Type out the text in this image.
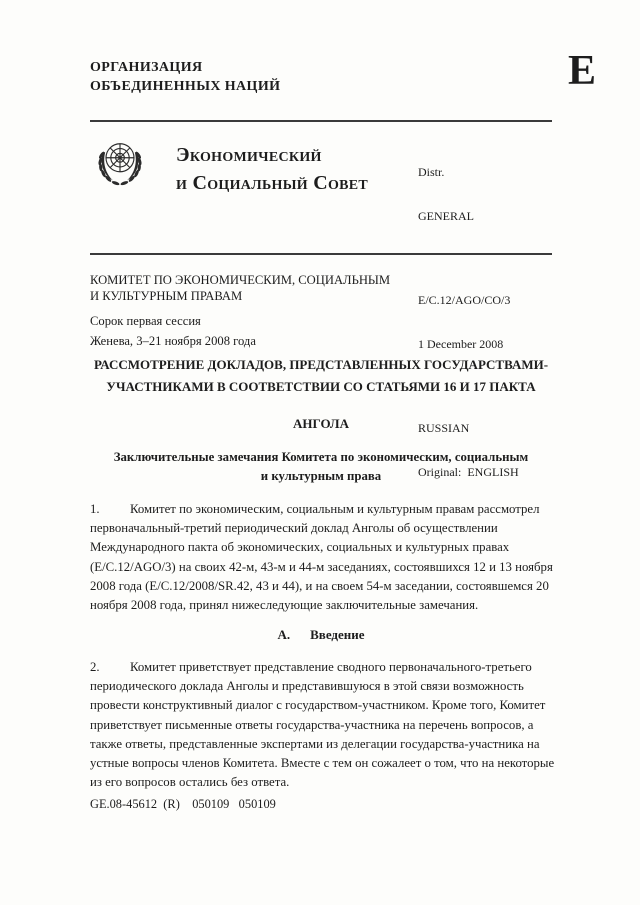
ОРГАНИЗАЦИЯ
ОБЪЕДИНЕННЫХ НАЦИЙ	E
Экономический
и Социальный Совет

	Distr.

GENERAL

E/C.12/AGO/CO/3

1 December 2008

RUSSIAN

Original:  ENGLISH

КОМИТЕТ ПО ЭКОНОМИЧЕСКИМ, СОЦИАЛЬНЫМ
И КУЛЬТУРНЫМ ПРАВАМ
Сорок первая сессия
Женева, 3–21 ноября 2008 года
РАССМОТРЕНИЕ ДОКЛАДОВ, ПРЕДСТАВЛЕННЫХ ГОСУДАРСТВАМИ-
УЧАСТНИКАМИ В СООТВЕТСТВИИ СО СТАТЬЯМИ 16 И 17 ПАКТА
АНГОЛА
Заключительные замечания Комитета по экономическим, социальным
и культурным права
1. Комитет по экономическим, социальным и культурным правам рассмотрел первоначальный-третий периодический доклад Анголы об осуществлении Международного пакта об экономических, социальных и культурных правах (E/C.12/AGO/3) на своих 42-м, 43-м и 44-м заседаниях, состоявшихся 12 и 13 ноября 2008 года (E/C.12/2008/SR.42, 43 и 44), и на своем 54-м заседании, состоявшемся 20 ноября 2008 года, принял нижеследующие заключительные замечания.
A. Введение
2. Комитет приветствует представление сводного первоначального-третьего периодического доклада Анголы и представившуюся в этой связи возможность провести конструктивный диалог с государством-участником. Кроме того, Комитет приветствует письменные ответы государства-участника на перечень вопросов, а также ответы, представленные экспертами из делегации государства-участника на устные вопросы членов Комитета. Вместе с тем он сожалеет о том, что на некоторые из его вопросов остались без ответа.
GE.08-45612  (R)    050109   050109
